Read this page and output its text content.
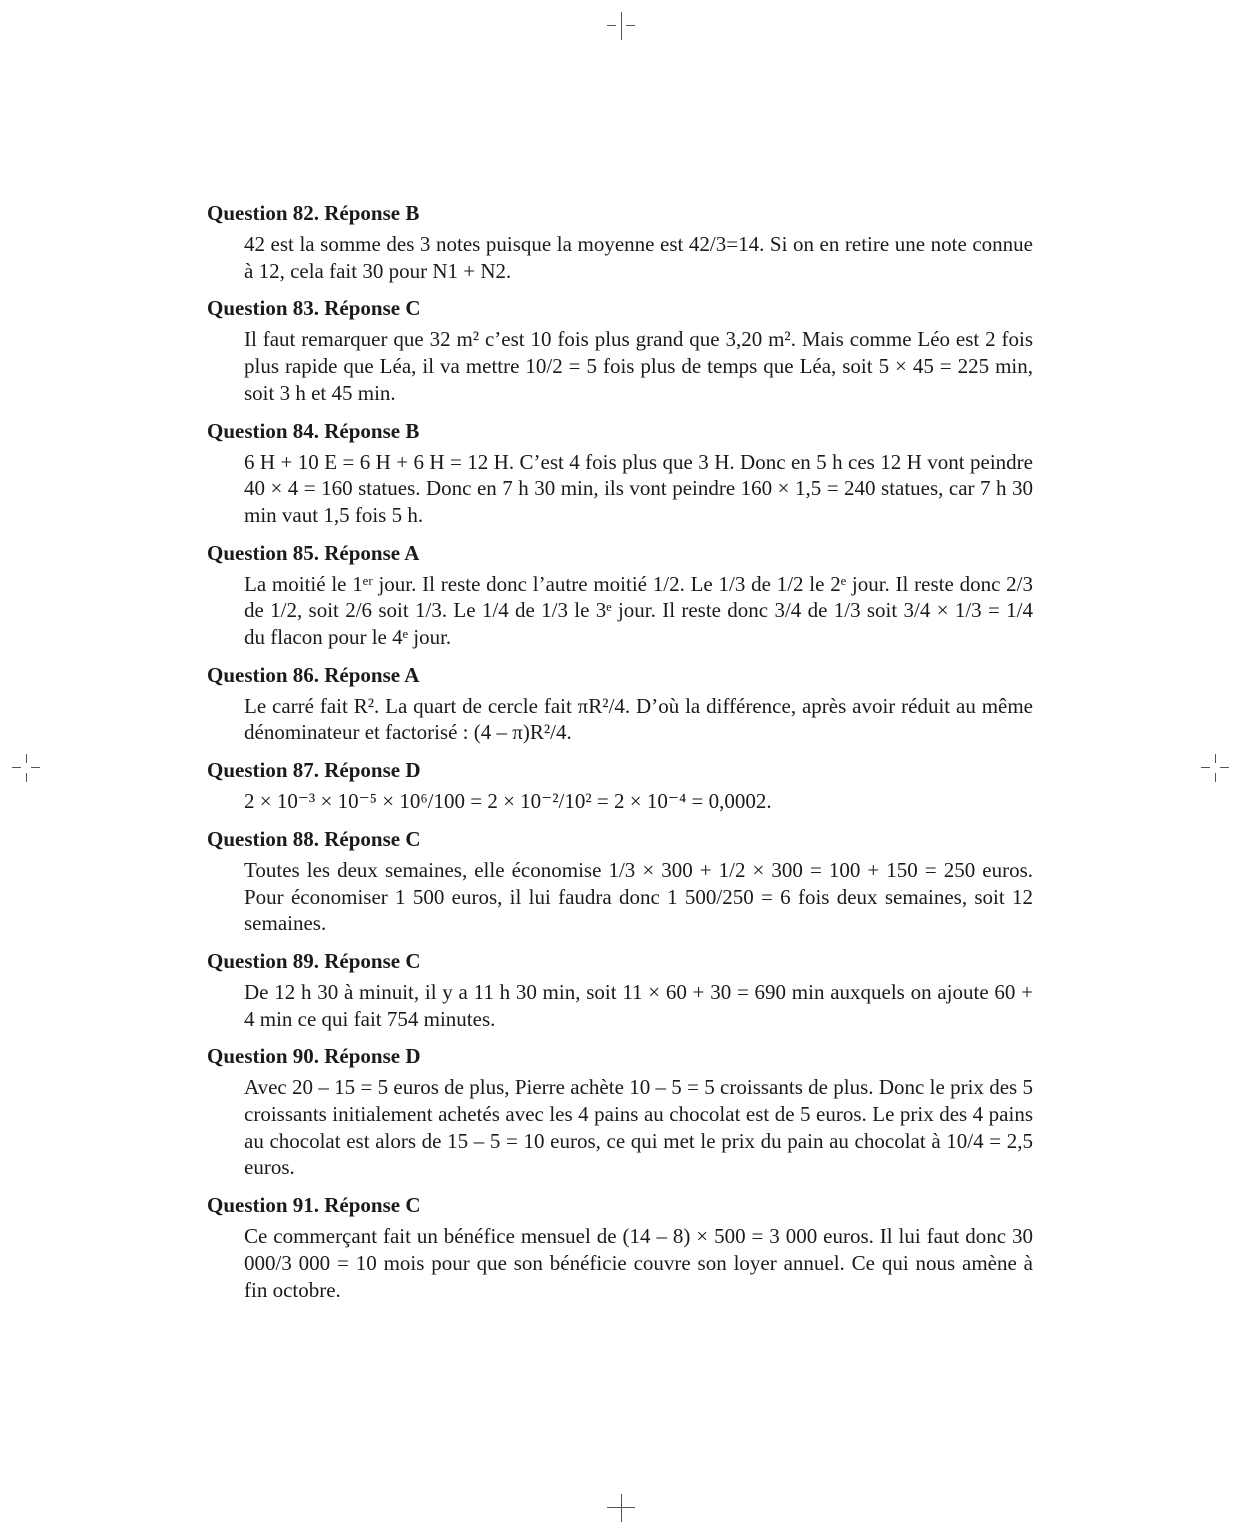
Question 82. Réponse B

42 est la somme des 3 notes puisque la moyenne est 42/3=14. Si on en retire une note connue à 12, cela fait 30 pour N1 + N2.

Question 83. Réponse C

Il faut remarquer que 32 m² c’est 10 fois plus grand que 3,20 m². Mais comme Léo est 2 fois plus rapide que Léa, il va mettre 10/2 = 5 fois plus de temps que Léa, soit 5 × 45 = 225 min, soit 3 h et 45 min.

Question 84. Réponse B

6 H + 10 E = 6 H + 6 H = 12 H. C’est 4 fois plus que 3 H. Donc en 5 h ces 12 H vont peindre 40 × 4 = 160 statues. Donc en 7 h 30 min, ils vont peindre 160 × 1,5 = 240 statues, car 7 h 30 min vaut 1,5 fois 5 h.

Question 85. Réponse A

La moitié le 1ᵉʳ jour. Il reste donc l’autre moitié 1/2. Le 1/3 de 1/2 le 2ᵉ jour. Il reste donc 2/3 de 1/2, soit 2/6 soit 1/3. Le 1/4 de 1/3 le 3ᵉ jour. Il reste donc 3/4 de 1/3 soit 3/4 × 1/3 = 1/4 du flacon pour le 4ᵉ jour.

Question 86. Réponse A

Le carré fait R². La quart de cercle fait πR²/4. D’où la différence, après avoir réduit au même dénominateur et factorisé : (4 – π)R²/4.

Question 87. Réponse D

2 × 10⁻³ × 10⁻⁵ × 10⁶/100 = 2 × 10⁻²/10² = 2 × 10⁻⁴ = 0,0002.

Question 88. Réponse C

Toutes les deux semaines, elle économise 1/3 × 300 + 1/2 × 300 = 100 + 150 = 250 euros. Pour économiser 1 500 euros, il lui faudra donc 1 500/250 = 6 fois deux semaines, soit 12 semaines.

Question 89. Réponse C

De 12 h 30 à minuit, il y a 11 h 30 min, soit 11 × 60 + 30 = 690 min auxquels on ajoute 60 + 4 min ce qui fait 754 minutes.

Question 90. Réponse D

Avec 20 – 15 = 5 euros de plus, Pierre achète 10 – 5 = 5 croissants de plus. Donc le prix des 5 croissants initialement achetés avec les 4 pains au chocolat est de 5 euros. Le prix des 4 pains au chocolat est alors de 15 – 5 = 10 euros, ce qui met le prix du pain au chocolat à 10/4 = 2,5 euros.

Question 91. Réponse C

Ce commerçant fait un bénéfice mensuel de (14 – 8) × 500 = 3 000 euros. Il lui faut donc 30 000/3 000 = 10 mois pour que son bénéficie couvre son loyer annuel. Ce qui nous amène à fin octobre.
